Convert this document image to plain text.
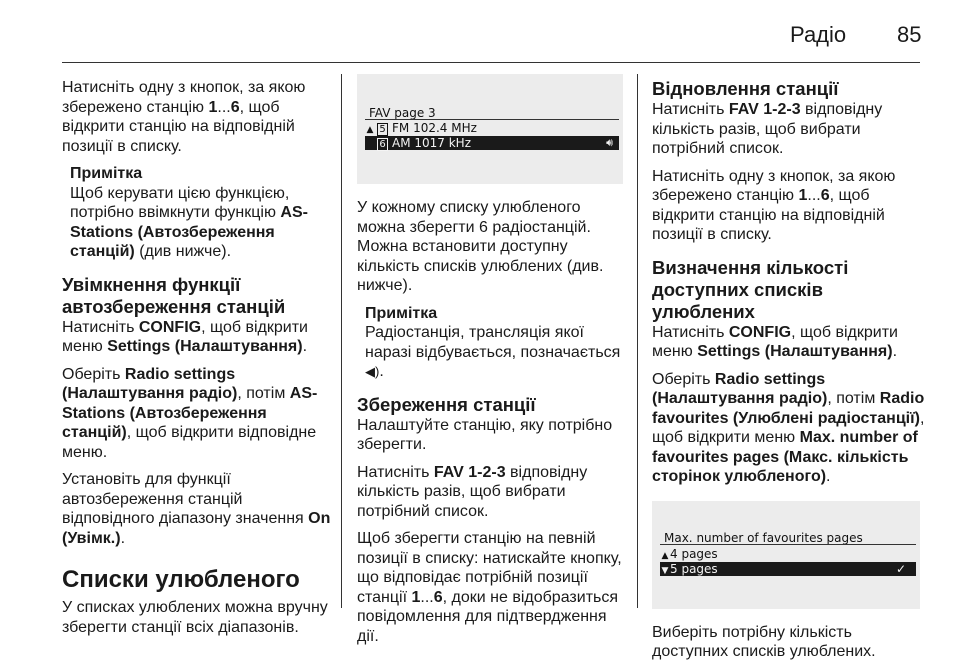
Радіо 85

Натисніть одну з кнопок, за якою збережено станцію 1...6, щоб відкрити станцію на відповідній позиції в списку.

Примітка

Щоб керувати цією функцією, потрібно ввімкнути функцію AS-Stations (Автозбереження станцій) (див нижче).

Увімкнення функції автозбереження станцій

Натисніть CONFIG, щоб відкрити меню Settings (Налаштування).

Оберіть Radio settings (Налаштування радіо), потім AS-Stations (Автозбереження станцій), щоб відкрити відповідне меню.

Установіть для функції автозбереження станцій відповідного діапазону значення On (Увімк.).

Списки улюбленого

У списках улюблених можна вручну зберегти станції всіх діапазонів.

FAV page 3
▲ 5 FM 102.4 MHz
6 AM 1017 kHz	🔊︎

У кожному списку улюбленого можна зберегти 6 радіостанцій. Можна встановити доступну кількість списків улюблених (див. нижче).

Примітка

Радіостанція, трансляція якої наразі відбувається, позначається ◀).

Збереження станції

Налаштуйте станцію, яку потрібно зберегти.

Натисніть FAV 1-2-3 відповідну кількість разів, щоб вибрати потрібний список.

Щоб зберегти станцію на певній позиції в списку: натискайте кнопку, що відповідає потрібній позиції станції 1...6, доки не відобразиться повідомлення для підтвердження дії.

Відновлення станції

Натисніть FAV 1-2-3 відповідну кількість разів, щоб вибрати потрібний список.

Натисніть одну з кнопок, за якою збережено станцію 1...6, щоб відкрити станцію на відповідній позиції в списку.

Визначення кількості доступних списків улюблених

Натисніть CONFIG, щоб відкрити меню Settings (Налаштування).

Оберіть Radio settings (Налаштування радіо), потім Radio favourites (Улюблені радіостанції), щоб відкрити меню Max. number of favourites pages (Макс. кількість сторінок улюбленого).

Max. number of favourites pages
▲ 4 pages
▼ 5 pages	✓

Виберіть потрібну кількість доступних списків улюблених.
